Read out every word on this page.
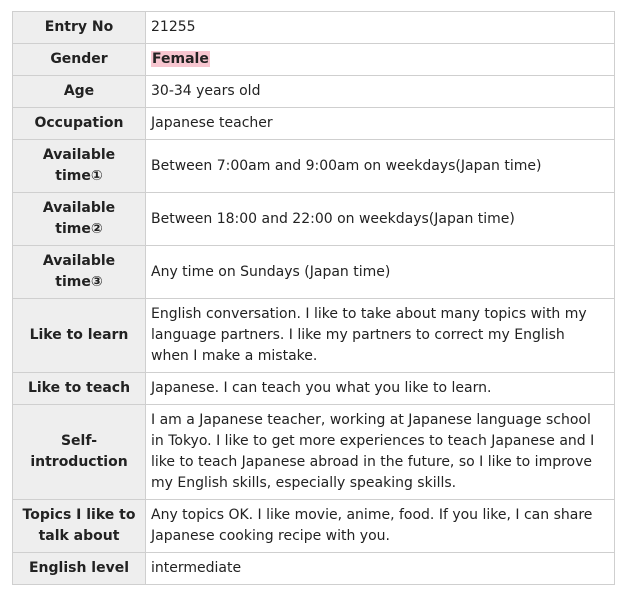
Entry No	21255
Gender	Female
Age	30-34 years old
Occupation	Japanese teacher
Available time①	Between 7:00am and 9:00am on weekdays(Japan time)
Available time②	Between 18:00 and 22:00 on weekdays(Japan time)
Available time③	Any time on Sundays (Japan time)
Like to learn	English conversation. I like to take about many topics with my language partners. I like my partners to correct my English when I make a mistake.
Like to teach	Japanese. I can teach you what you like to learn.
Self-introduction	I am a Japanese teacher, working at Japanese language school in Tokyo. I like to get more experiences to teach Japanese and I like to teach Japanese abroad in the future, so I like to improve my English skills, especially speaking skills.
Topics I like to talk about	Any topics OK. I like movie, anime, food. If you like, I can share Japanese cooking recipe with you.
English level	intermediate
